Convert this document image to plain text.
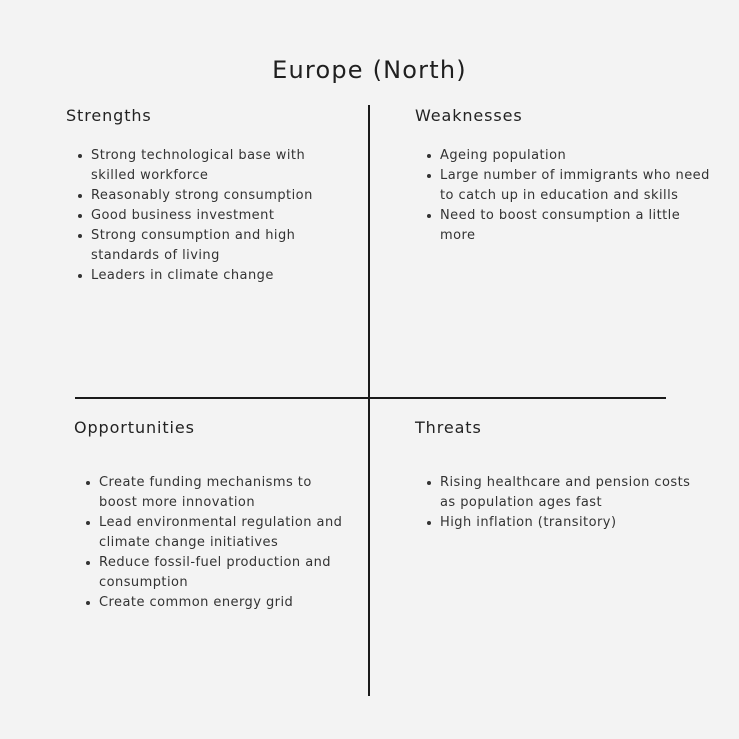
Europe (North)
Strengths
Strong technological base with skilled workforce
Reasonably strong consumption
Good business investment
Strong consumption and high standards of living
Leaders in climate change
Weaknesses
Ageing population
Large number of immigrants who need to catch up in education and skills
Need to boost consumption a little more
Opportunities
Create funding mechanisms to boost more innovation
Lead environmental regulation and climate change initiatives
Reduce fossil-fuel production and consumption
Create common energy grid
Threats
Rising healthcare and pension costs as population ages fast
High inflation (transitory)
